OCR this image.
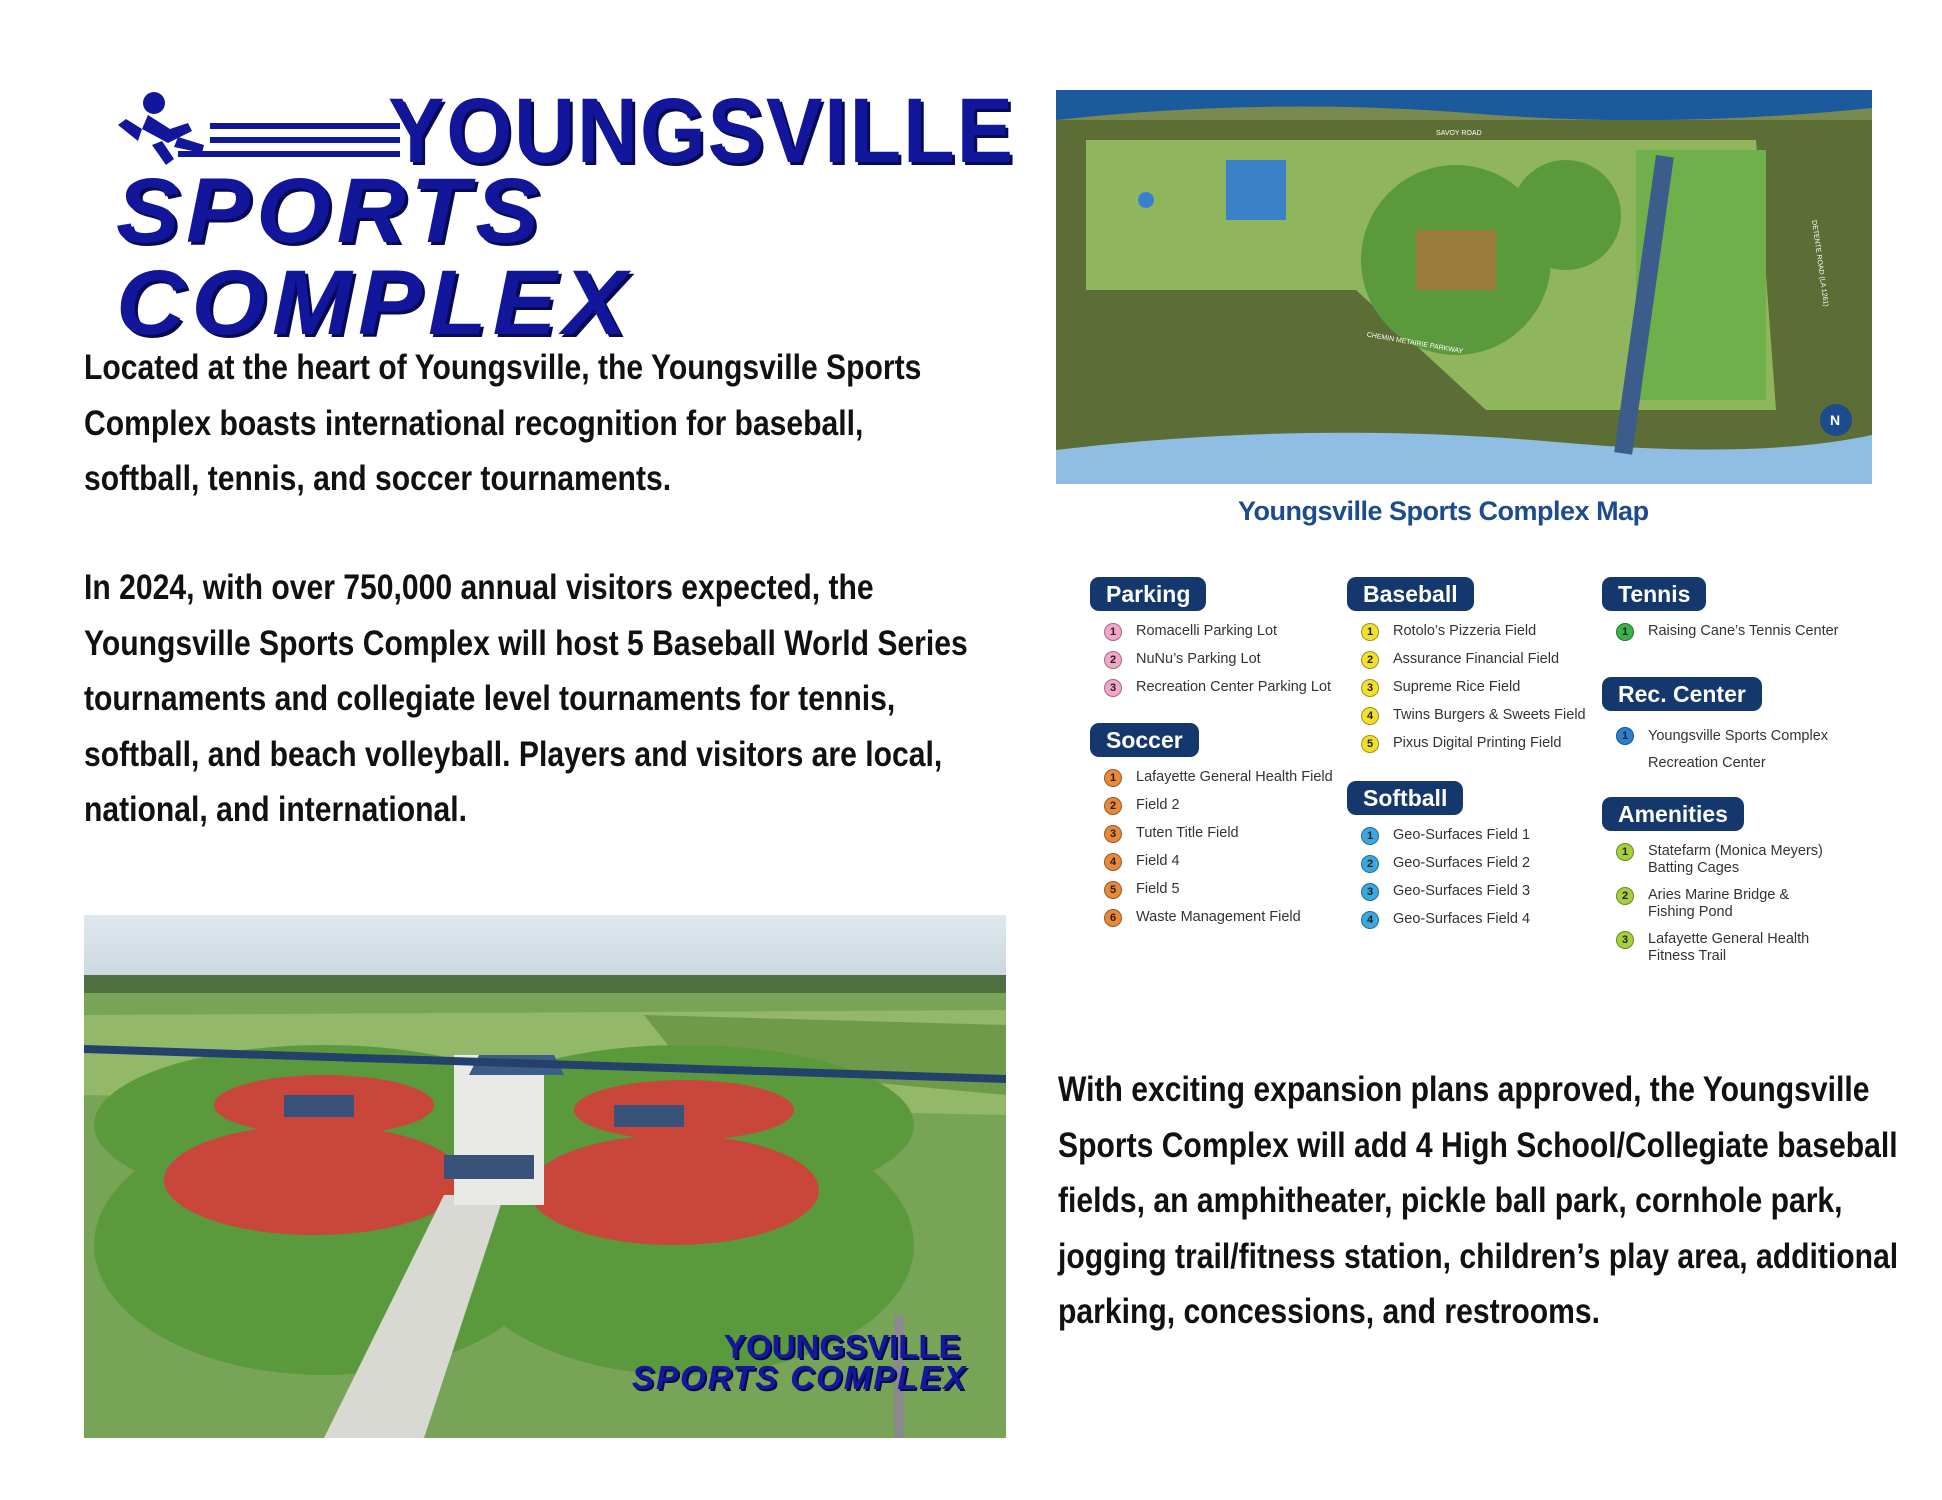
YOUNGSVILLE
SPORTS COMPLEX
Located at the heart of Youngsville, the Youngsville Sports Complex boasts international recognition for baseball, softball, tennis, and soccer tournaments.
In 2024, with over 750,000 annual visitors expected, the Youngsville Sports Complex will host 5 Baseball World Series tournaments and collegiate level tournaments for tennis, softball, and beach volleyball. Players and visitors are local, national, and international.
With exciting expansion plans approved, the Youngsville Sports Complex will add 4 High School/Collegiate baseball fields, an amphitheater, pickle ball park, cornhole park, jogging trail/fitness station, children’s play area, additional parking, concessions, and restrooms.
YOUNGSVILLE
SPORTS COMPLEX
SAVOY ROAD
CHEMIN METAIRIE PARKWAY
DETENTE ROAD (LA 1261)
N
Youngsville Sports Complex Map
Parking
1	Romacelli Parking Lot
2	NuNu’s Parking Lot
3	Recreation Center Parking Lot
Soccer
1	Lafayette General Health Field
2	Field 2
3	Tuten Title Field
4	Field 4
5	Field 5
6	Waste Management Field
Baseball
1	Rotolo’s Pizzeria Field
2	Assurance Financial Field
3	Supreme Rice Field
4	Twins Burgers & Sweets Field
5	Pixus Digital Printing Field
Softball
1	Geo-Surfaces Field 1
2	Geo-Surfaces Field 2
3	Geo-Surfaces Field 3
4	Geo-Surfaces Field 4
Tennis
1	Raising Cane’s Tennis Center
Rec. Center
1	Youngsville Sports Complex Recreation Center
Amenities
1	Statefarm (Monica Meyers) Batting Cages
2	Aries Marine Bridge & Fishing Pond
3	Lafayette General Health Fitness Trail
